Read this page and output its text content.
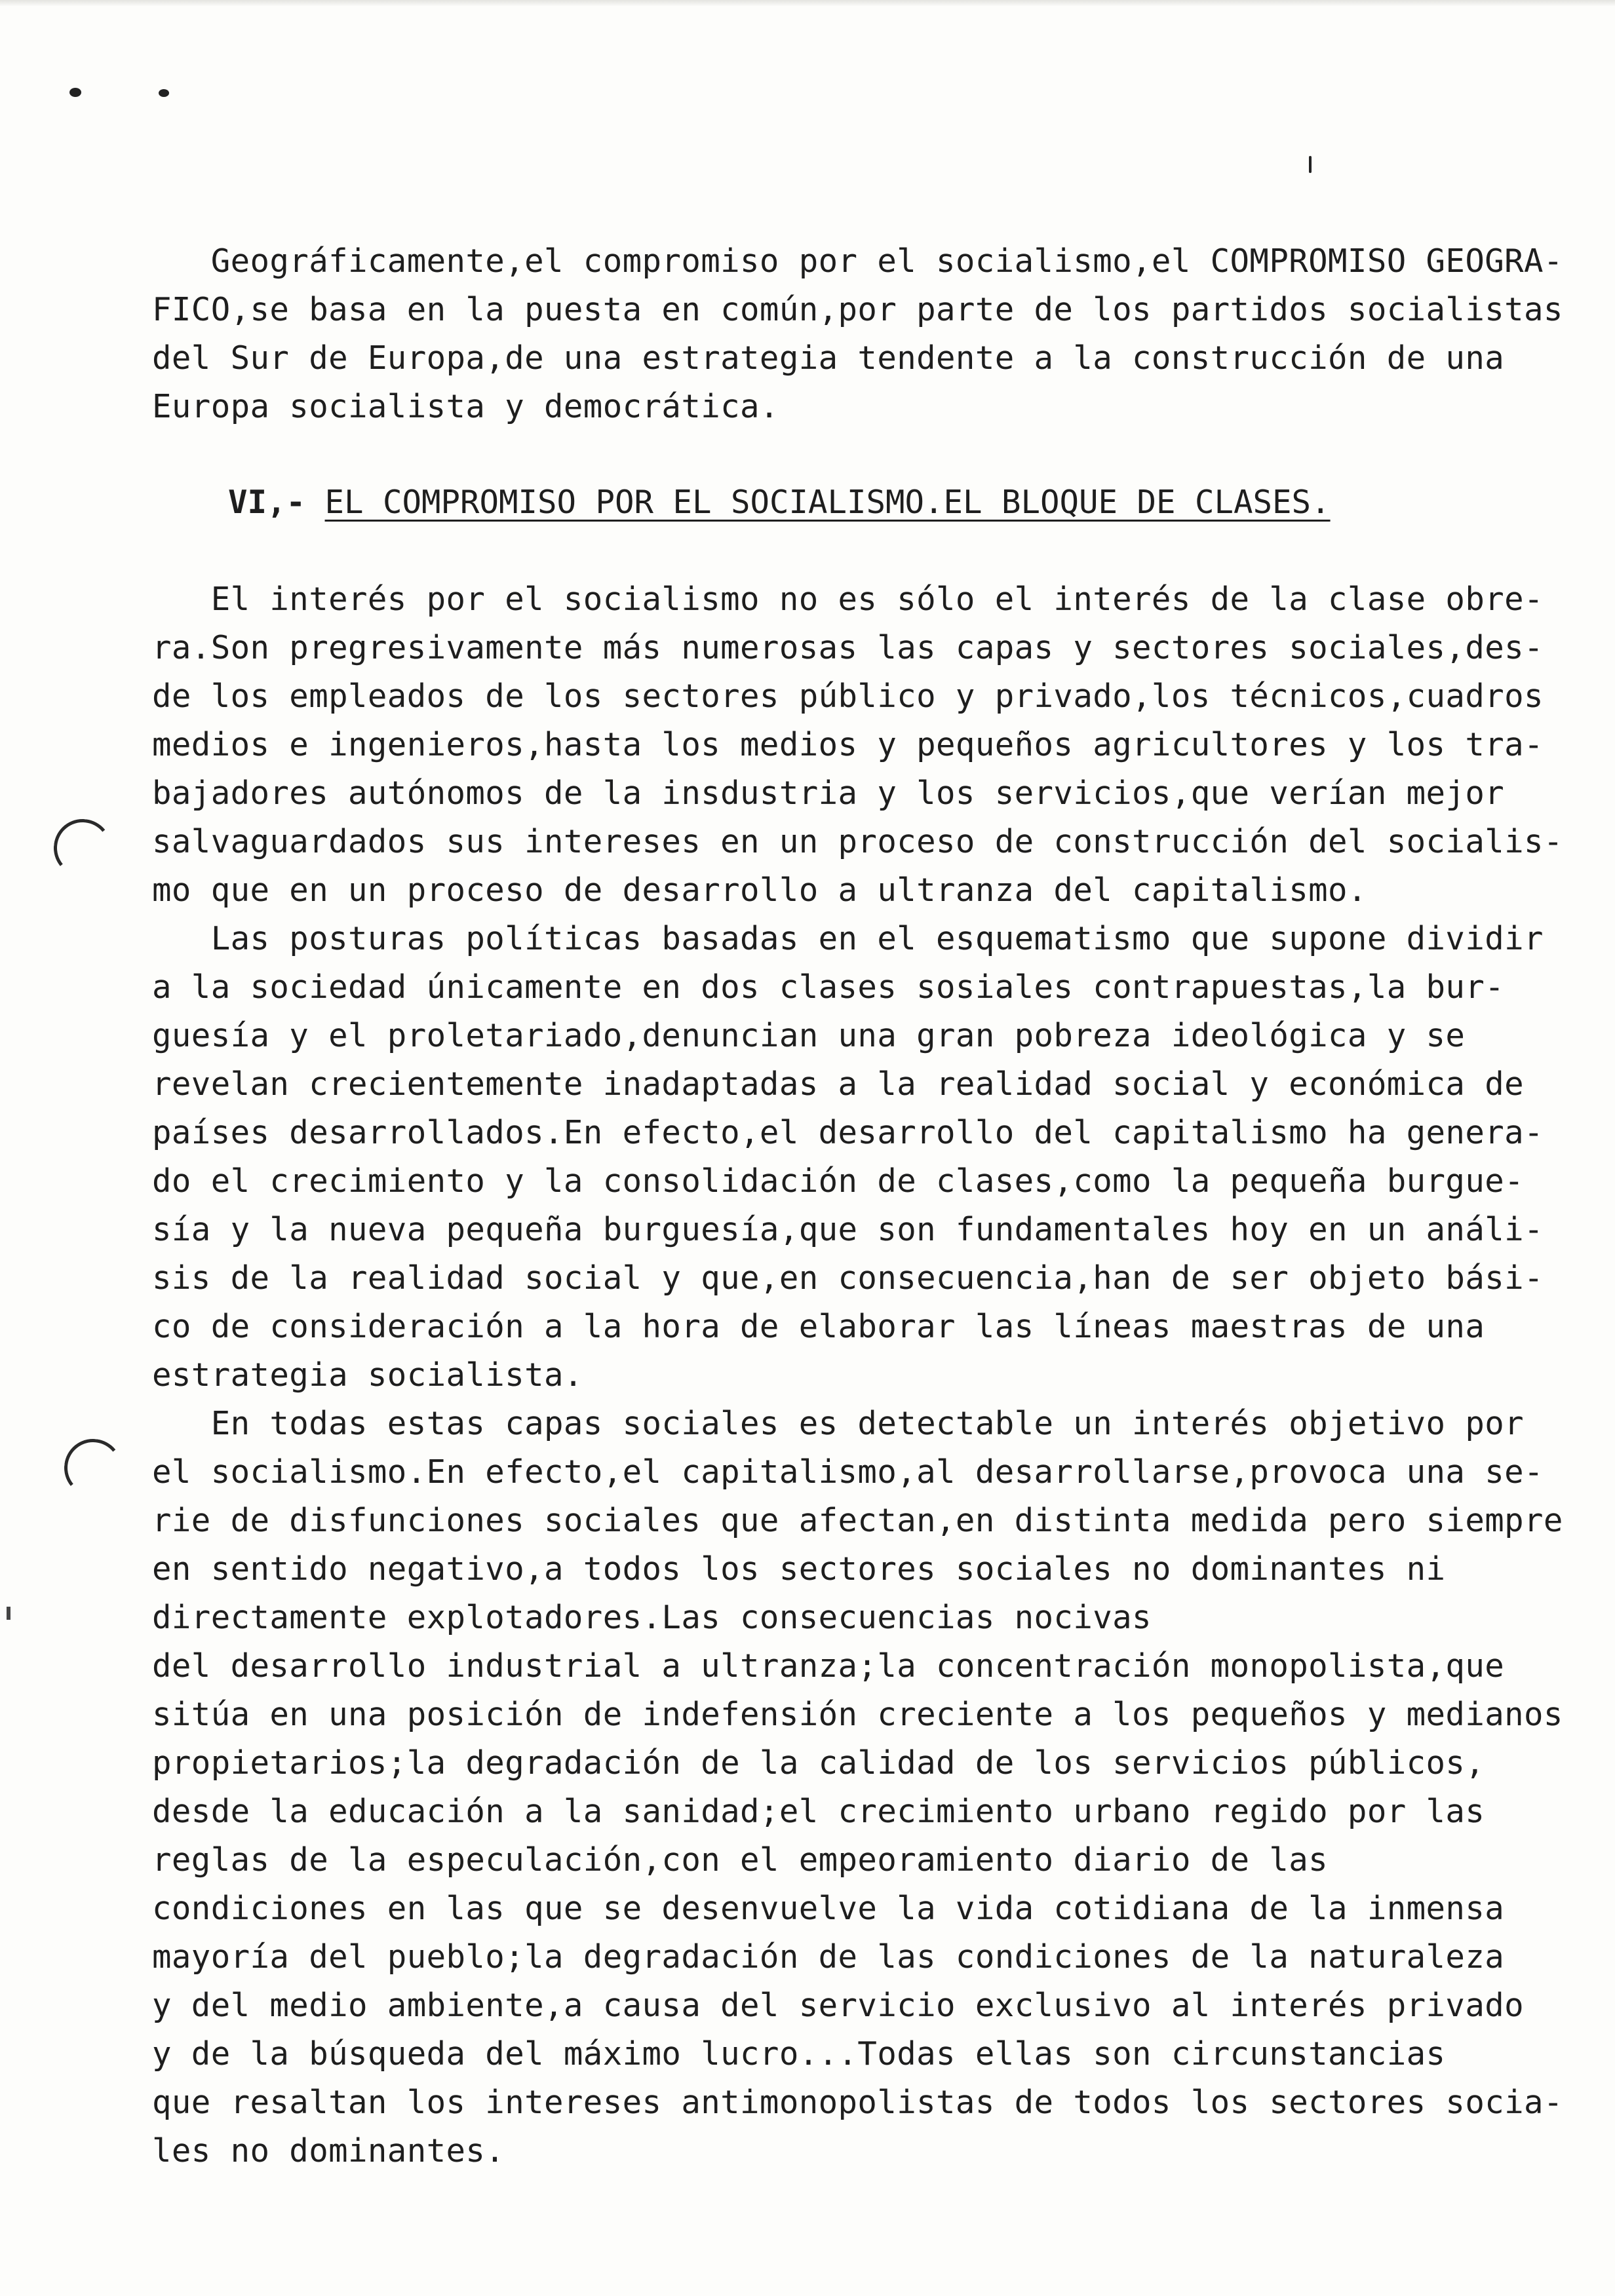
Geográficamente,el compromiso por el socialismo,el COMPROMISO GEOGRA-
FICO,se basa en la puesta en común,por parte de los partidos socialistas
del Sur de Europa,de una estrategia tendente a la construcción de una
Europa socialista y democrática.
VI,- EL COMPROMISO POR EL SOCIALISMO.EL BLOQUE DE CLASES.
El interés por el socialismo no es sólo el interés de la clase obre-
ra.Son pregresivamente más numerosas las capas y sectores sociales,des-
de los empleados de los sectores público y privado,los técnicos,cuadros
medios e ingenieros,hasta los medios y pequeños agricultores y los tra-
bajadores autónomos de la insdustria y los servicios,que verían mejor
salvaguardados sus intereses en un proceso de construcción del socialis-
mo que en un proceso de desarrollo a ultranza del capitalismo.
Las posturas políticas basadas en el esquematismo que supone dividir
a la sociedad únicamente en dos clases sosiales contrapuestas,la bur-
guesía y el proletariado,denuncian una gran pobreza ideológica y se
revelan crecientemente inadaptadas a la realidad social y económica de
países desarrollados.En efecto,el desarrollo del capitalismo ha genera-
do el crecimiento y la consolidación de clases,como la pequeña burgue-
sía y la nueva pequeña burguesía,que son fundamentales hoy en un análi-
sis de la realidad social y que,en consecuencia,han de ser objeto bási-
co de consideración a la hora de elaborar las líneas maestras de una
estrategia socialista.
En todas estas capas sociales es detectable un interés objetivo por
el socialismo.En efecto,el capitalismo,al desarrollarse,provoca una se-
rie de disfunciones sociales que afectan,en distinta medida pero siempre
en sentido negativo,a todos los sectores sociales no dominantes ni
directamente explotadores.Las consecuencias nocivas
del desarrollo industrial a ultranza;la concentración monopolista,que
sitúa en una posición de indefensión creciente a los pequeños y medianos
propietarios;la degradación de la calidad de los servicios públicos,
desde la educación a la sanidad;el crecimiento urbano regido por las
reglas de la especulación,con el empeoramiento diario de las
condiciones en las que se desenvuelve la vida cotidiana de la inmensa
mayoría del pueblo;la degradación de las condiciones de la naturaleza
y del medio ambiente,a causa del servicio exclusivo al interés privado
y de la búsqueda del máximo lucro...Todas ellas son circunstancias
que resaltan los intereses antimonopolistas de todos los sectores socia-
les no dominantes.
